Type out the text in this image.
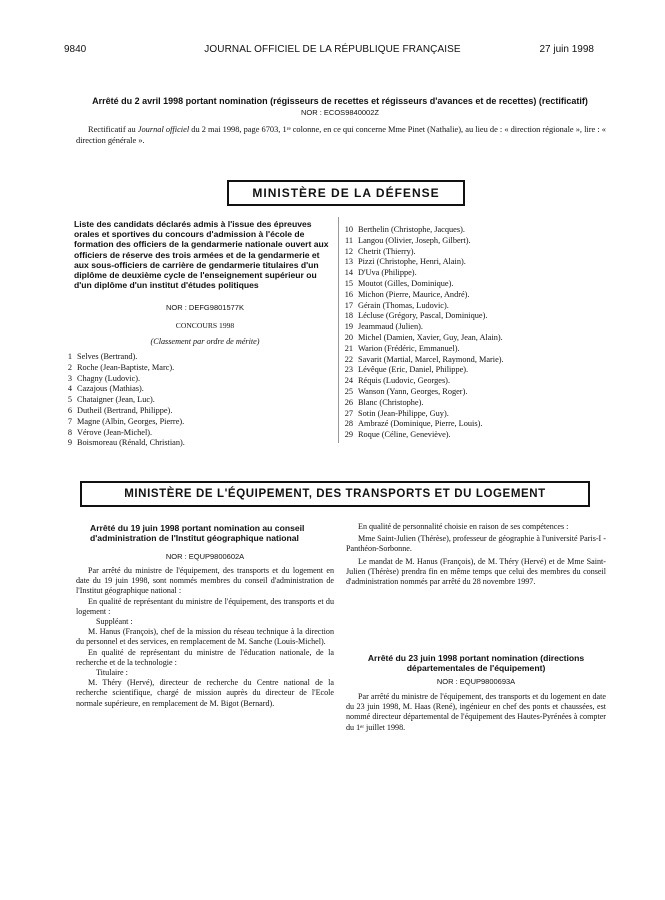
9840	JOURNAL OFFICIEL DE LA RÉPUBLIQUE FRANÇAISE	27 juin 1998
Arrêté du 2 avril 1998 portant nomination (régisseurs de recettes et régisseurs d'avances et de recettes) (rectificatif)
NOR : ECOS9840002Z
Rectificatif au Journal officiel du 2 mai 1998, page 6703, 1ʳᵉ colonne, en ce qui concerne Mme Pinet (Nathalie), au lieu de : « direction régionale », lire : « direction générale ».
MINISTÈRE DE LA DÉFENSE
Liste des candidats déclarés admis à l'issue des épreuves orales et sportives du concours d'admission à l'école de formation des officiers de la gendarmerie nationale ouvert aux officiers de réserve des trois armées et de la gendarmerie et aux sous-officiers de carrière de gendarmerie titulaires d'un diplôme de deuxième cycle de l'enseignement supérieur ou d'un diplôme d'un institut d'études politiques
NOR : DEFG9801577K
CONCOURS 1998
(Classement par ordre de mérite)
1 Selves (Bertrand).
2 Roche (Jean-Baptiste, Marc).
3 Chagny (Ludovic).
4 Cazajous (Mathias).
5 Chataigner (Jean, Luc).
6 Dutheil (Bertrand, Philippe).
7 Magne (Albin, Georges, Pierre).
8 Vérove (Jean-Michel).
9 Boismoreau (Rénald, Christian).
10 Berthelin (Christophe, Jacques).
11 Langou (Olivier, Joseph, Gilbert).
12 Chetrit (Thierry).
13 Pizzi (Christophe, Henri, Alain).
14 D'Uva (Philippe).
15 Moutot (Gilles, Dominique).
16 Michon (Pierre, Maurice, André).
17 Gérain (Thomas, Ludovic).
18 Lécluse (Grégory, Pascal, Dominique).
19 Jeammaud (Julien).
20 Michel (Damien, Xavier, Guy, Jean, Alain).
21 Warion (Frédéric, Emmanuel).
22 Savarit (Martial, Marcel, Raymond, Marie).
23 Lévêque (Eric, Daniel, Philippe).
24 Réquis (Ludovic, Georges).
25 Wanson (Yann, Georges, Roger).
26 Blanc (Christophe).
27 Sotin (Jean-Philippe, Guy).
28 Ambrazé (Dominique, Pierre, Louis).
29 Roque (Céline, Geneviève).
MINISTÈRE DE L'ÉQUIPEMENT, DES TRANSPORTS ET DU LOGEMENT
Arrêté du 19 juin 1998 portant nomination au conseil d'administration de l'Institut géographique national
NOR : EQUP9800602A
Par arrêté du ministre de l'équipement, des transports et du logement en date du 19 juin 1998, sont nommés membres du conseil d'administration de l'Institut géographique national :
En qualité de représentant du ministre de l'équipement, des transports et du logement :
Suppléant :
M. Hanus (François), chef de la mission du réseau technique à la direction du personnel et des services, en remplacement de M. Sanche (Louis-Michel).
En qualité de représentant du ministre de l'éducation nationale, de la recherche et de la technologie :
Titulaire :
M. Théry (Hervé), directeur de recherche du Centre national de la recherche scientifique, chargé de mission auprès du directeur de l'Ecole normale supérieure, en remplacement de M. Bigot (Bernard).
En qualité de personnalité choisie en raison de ses compétences :
Mme Saint-Julien (Thérèse), professeur de géographie à l'université Paris-I - Panthéon-Sorbonne.
Le mandat de M. Hanus (François), de M. Théry (Hervé) et de Mme Saint-Julien (Thérèse) prendra fin en même temps que celui des membres du conseil d'administration nommés par arrêté du 28 novembre 1997.
Arrêté du 23 juin 1998 portant nomination (directions départementales de l'équipement)
NOR : EQUP9800693A
Par arrêté du ministre de l'équipement, des transports et du logement en date du 23 juin 1998, M. Haas (René), ingénieur en chef des ponts et chaussées, est nommé directeur départemental de l'équipement des Hautes-Pyrénées à compter du 1ᵉʳ juillet 1998.
